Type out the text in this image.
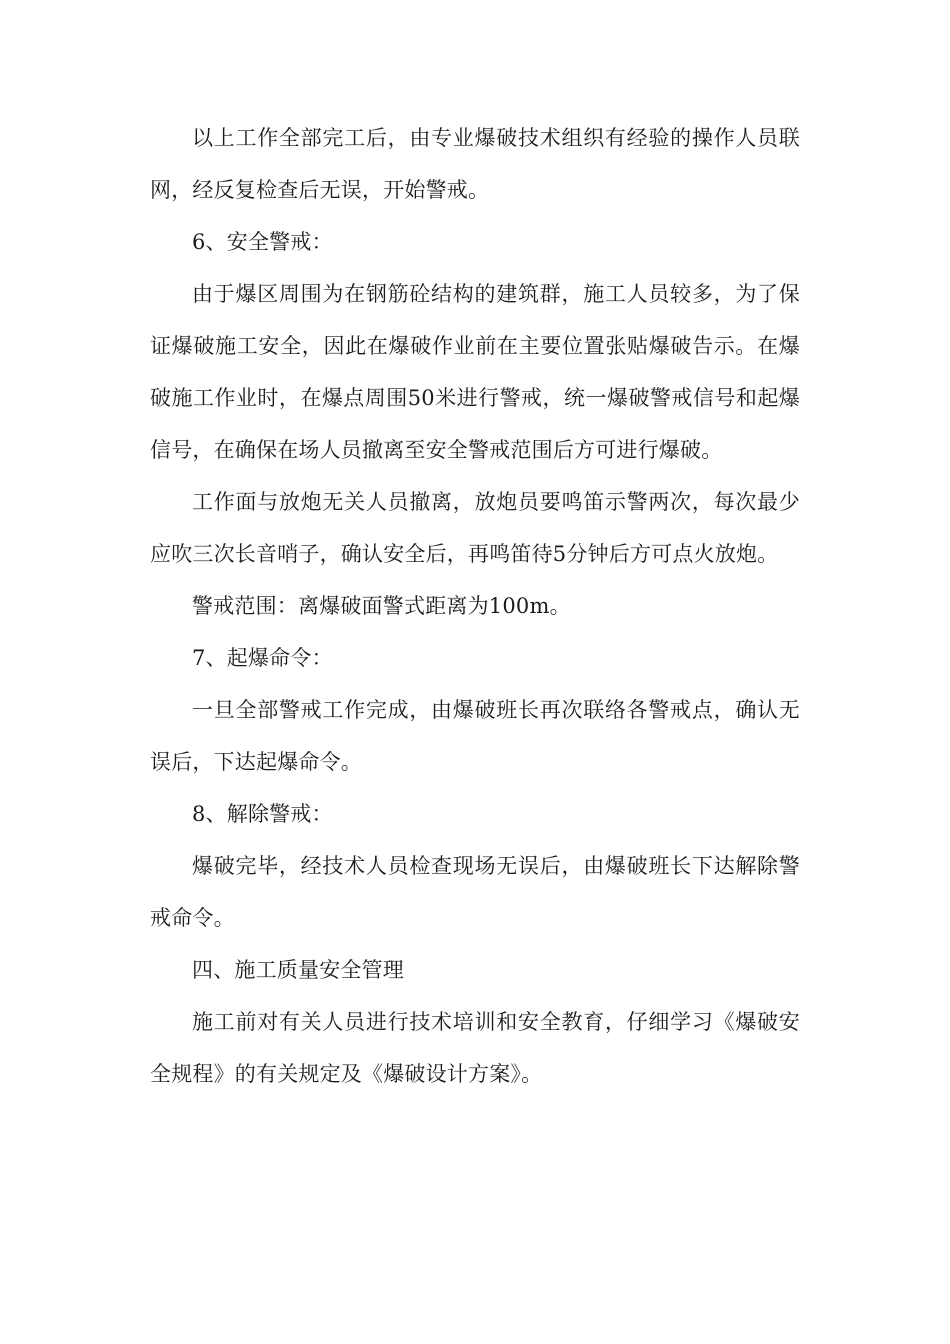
以上工作全部完工后，由专业爆破技术组织有经验的操作人员联网，经反复检查后无误，开始警戒。

6、安全警戒：

由于爆区周围为在钢筋砼结构的建筑群，施工人员较多，为了保证爆破施工安全，因此在爆破作业前在主要位置张贴爆破告示。在爆破施工作业时，在爆点周围50米进行警戒，统一爆破警戒信号和起爆信号，在确保在场人员撤离至安全警戒范围后方可进行爆破。

工作面与放炮无关人员撤离，放炮员要鸣笛示警两次，每次最少应吹三次长音哨子，确认安全后，再鸣笛待5分钟后方可点火放炮。

警戒范围：离爆破面警式距离为100m。

7、起爆命令：

一旦全部警戒工作完成，由爆破班长再次联络各警戒点，确认无误后，下达起爆命令。

8、解除警戒：

爆破完毕，经技术人员检查现场无误后，由爆破班长下达解除警戒命令。

四、施工质量安全管理

施工前对有关人员进行技术培训和安全教育，仔细学习《爆破安全规程》的有关规定及《爆破设计方案》。
